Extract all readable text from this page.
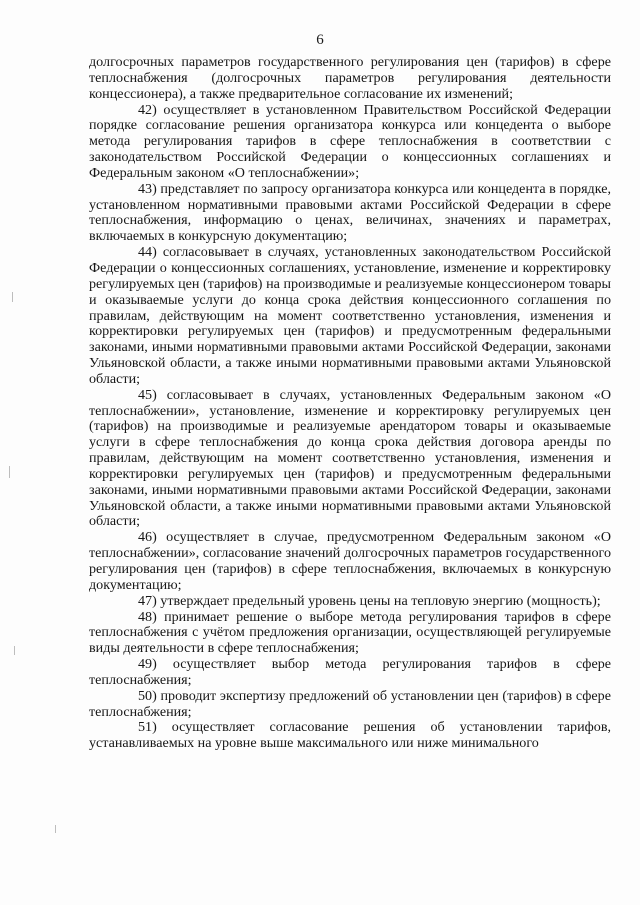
6

долгосрочных параметров государственного регулирования цен (тарифов) в сфере теплоснабжения (долгосрочных параметров регулирования деятельности концессионера), а также предварительное согласование их изменений;

42) осуществляет в установленном Правительством Российской Федерации порядке согласование решения организатора конкурса или концедента о выборе метода регулирования тарифов в сфере теплоснабжения в соответствии с законодательством Российской Федерации о концессионных соглашениях и Федеральным законом «О теплоснабжении»;

43) представляет по запросу организатора конкурса или концедента в порядке, установленном нормативными правовыми актами Российской Федерации в сфере теплоснабжения, информацию о ценах, величинах, значениях и параметрах, включаемых в конкурсную документацию;

44) согласовывает в случаях, установленных законодательством Российской Федерации о концессионных соглашениях, установление, изменение и корректировку регулируемых цен (тарифов) на производимые и реализуемые концессионером товары и оказываемые услуги до конца срока действия концессионного соглашения по правилам, действующим на момент соответственно установления, изменения и корректировки регулируемых цен (тарифов) и предусмотренным федеральными законами, иными нормативными правовыми актами Российской Федерации, законами Ульяновской области, а также иными нормативными правовыми актами Ульяновской области;

45) согласовывает в случаях, установленных Федеральным законом «О теплоснабжении», установление, изменение и корректировку регулируемых цен (тарифов) на производимые и реализуемые арендатором товары и оказываемые услуги в сфере теплоснабжения до конца срока действия договора аренды по правилам, действующим на момент соответственно установления, изменения и корректировки регулируемых цен (тарифов) и предусмотренным федеральными законами, иными нормативными правовыми актами Российской Федерации, законами Ульяновской области, а также иными нормативными правовыми актами Ульяновской области;

46) осуществляет в случае, предусмотренном Федеральным законом «О теплоснабжении», согласование значений долгосрочных параметров государственного регулирования цен (тарифов) в сфере теплоснабжения, включаемых в конкурсную документацию;

47) утверждает предельный уровень цены на тепловую энергию (мощность);

48) принимает решение о выборе метода регулирования тарифов в сфере теплоснабжения с учётом предложения организации, осуществляющей регулируемые виды деятельности в сфере теплоснабжения;

49) осуществляет выбор метода регулирования тарифов в сфере теплоснабжения;

50) проводит экспертизу предложений об установлении цен (тарифов) в сфере теплоснабжения;

51) осуществляет согласование решения об установлении тарифов, устанавливаемых на уровне выше максимального или ниже минимального
